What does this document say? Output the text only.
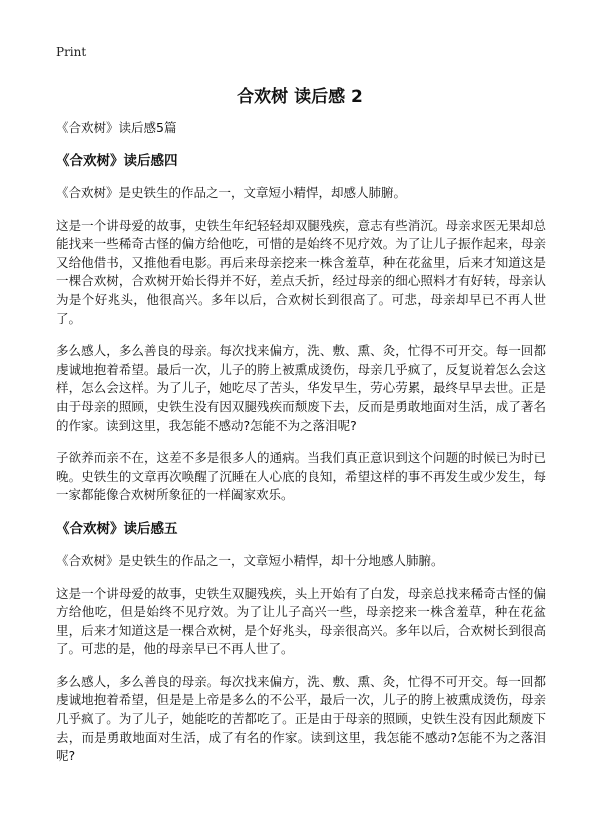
Print
合欢树 读后感 2

《合欢树》读后感5篇

《合欢树》读后感四

《合欢树》是史铁生的作品之一，文章短小精悍，却感人肺腑。

这是一个讲母爱的故事，史铁生年纪轻轻却双腿残疾，意志有些消沉。母亲求医无果却总能找来一些稀奇古怪的偏方给他吃，可惜的是始终不见疗效。为了让儿子振作起来，母亲又给他借书，又推他看电影。再后来母亲挖来一株含羞草，种在花盆里，后来才知道这是一棵合欢树，合欢树开始长得并不好，差点夭折，经过母亲的细心照料才有好转，母亲认为是个好兆头，他很高兴。多年以后，合欢树长到很高了。可悲，母亲却早已不再人世了。

多么感人，多么善良的母亲。每次找来偏方，洗、敷、熏、灸，忙得不可开交。每一回都虔诚地抱着希望。最后一次，儿子的胯上被熏成烫伤，母亲几乎疯了，反复说着怎么会这样，怎么会这样。为了儿子，她吃尽了苦头，华发早生，劳心劳累，最终早早去世。正是由于母亲的照顾，史铁生没有因双腿残疾而颓废下去，反而是勇敢地面对生活，成了著名的作家。读到这里，我怎能不感动?怎能不为之落泪呢?

子欲养而亲不在，这差不多是很多人的通病。当我们真正意识到这个问题的时候已为时已晚。史铁生的文章再次唤醒了沉睡在人心底的良知，希望这样的事不再发生或少发生，每一家都能像合欢树所象征的一样阖家欢乐。

《合欢树》读后感五

《合欢树》是史铁生的作品之一，文章短小精悍，却十分地感人肺腑。

这是一个讲母爱的故事，史铁生双腿残疾，头上开始有了白发，母亲总找来稀奇古怪的偏方给他吃，但是始终不见疗效。为了让儿子高兴一些，母亲挖来一株含羞草，种在花盆里，后来才知道这是一棵合欢树，是个好兆头，母亲很高兴。多年以后，合欢树长到很高了。可悲的是，他的母亲早已不再人世了。

多么感人，多么善良的母亲。每次找来偏方，洗、敷、熏、灸，忙得不可开交。每一回都虔诚地抱着希望，但是是上帝是多么的不公平，最后一次，儿子的胯上被熏成烫伤，母亲几乎疯了。为了儿子，她能吃的苦都吃了。正是由于母亲的照顾，史铁生没有因此颓废下去，而是勇敢地面对生活，成了有名的作家。读到这里，我怎能不感动?怎能不为之落泪呢?
